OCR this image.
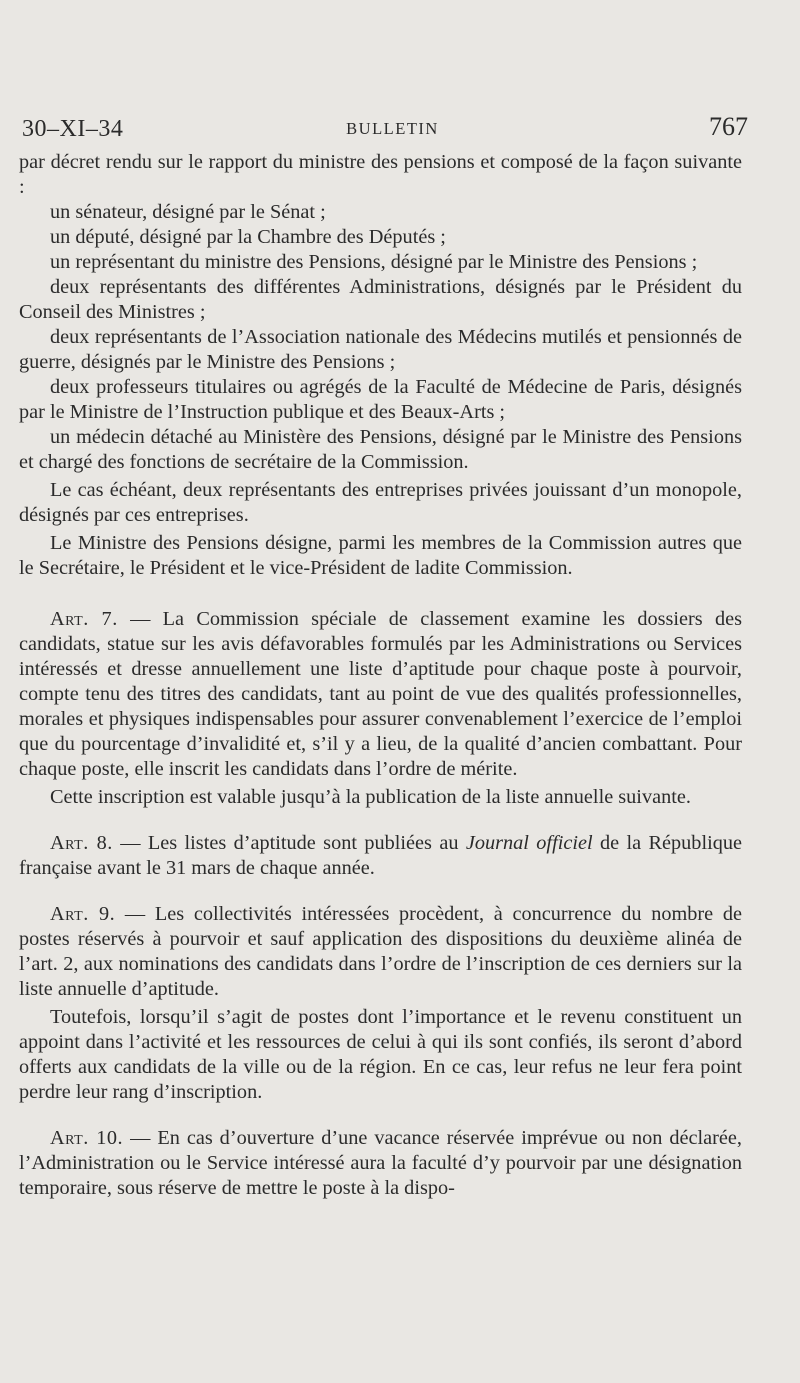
30–XI–34	BULLETIN	767

par décret rendu sur le rapport du ministre des pensions et composé de la façon suivante :

un sénateur, désigné par le Sénat ;

un député, désigné par la Chambre des Députés ;

un représentant du ministre des Pensions, désigné par le Ministre des Pensions ;

deux représentants des différentes Administrations, désignés par le Président du Conseil des Ministres ;

deux représentants de l’Association nationale des Médecins mutilés et pensionnés de guerre, désignés par le Ministre des Pensions ;

deux professeurs titulaires ou agrégés de la Faculté de Médecine de Paris, désignés par le Ministre de l’Instruction publique et des Beaux-Arts ;

un médecin détaché au Ministère des Pensions, désigné par le Ministre des Pensions et chargé des fonctions de secrétaire de la Commission.

Le cas échéant, deux représentants des entreprises privées jouissant d’un monopole, désignés par ces entreprises.

Le Ministre des Pensions désigne, parmi les membres de la Commission autres que le Secrétaire, le Président et le vice-Président de ladite Commission.

Art. 7. — La Commission spéciale de classement examine les dossiers des candidats, statue sur les avis défavorables formulés par les Administrations ou Services intéressés et dresse annuellement une liste d’aptitude pour chaque poste à pourvoir, compte tenu des titres des candidats, tant au point de vue des qualités professionnelles, morales et physiques indispensables pour assurer convenablement l’exercice de l’emploi que du pourcentage d’invalidité et, s’il y a lieu, de la qualité d’ancien combattant. Pour chaque poste, elle inscrit les candidats dans l’ordre de mérite.

Cette inscription est valable jusqu’à la publication de la liste annuelle suivante.

Art. 8. — Les listes d’aptitude sont publiées au Journal officiel de la République française avant le 31 mars de chaque année.

Art. 9. — Les collectivités intéressées procèdent, à concurrence du nombre de postes réservés à pourvoir et sauf application des dispositions du deuxième alinéa de l’art. 2, aux nominations des candidats dans l’ordre de l’inscription de ces derniers sur la liste annuelle d’aptitude.

Toutefois, lorsqu’il s’agit de postes dont l’importance et le revenu constituent un appoint dans l’activité et les ressources de celui à qui ils sont confiés, ils seront d’abord offerts aux candidats de la ville ou de la région. En ce cas, leur refus ne leur fera point perdre leur rang d’inscription.

Art. 10. — En cas d’ouverture d’une vacance réservée imprévue ou non déclarée, l’Administration ou le Service intéressé aura la faculté d’y pourvoir par une désignation temporaire, sous réserve de mettre le poste à la dispo-
